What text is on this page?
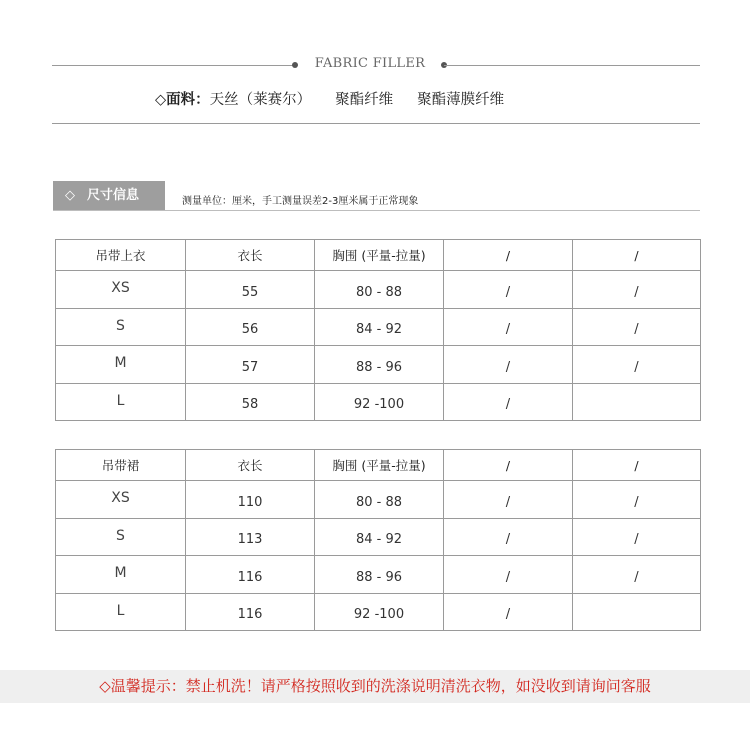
FABRIC FILLER
◇面料：天丝（莱赛尔） 聚酯纤维 聚酯薄膜纤维
◇ 尺寸信息	测量单位：厘米，手工测量误差2-3厘米属于正常现象
吊带上衣	衣长	胸围 (平量-拉量)	/	/
XS	55	80 - 88	/	/
S	56	84 - 92	/	/
M	57	88 - 96	/	/
L	58	92 -100	/	
吊带裙	衣长	胸围 (平量-拉量)	/	/
XS	110	80 - 88	/	/
S	113	84 - 92	/	/
M	116	88 - 96	/	/
L	116	92 -100	/	
◇温馨提示：禁止机洗！请严格按照收到的洗涤说明清洗衣物，如没收到请询问客服
